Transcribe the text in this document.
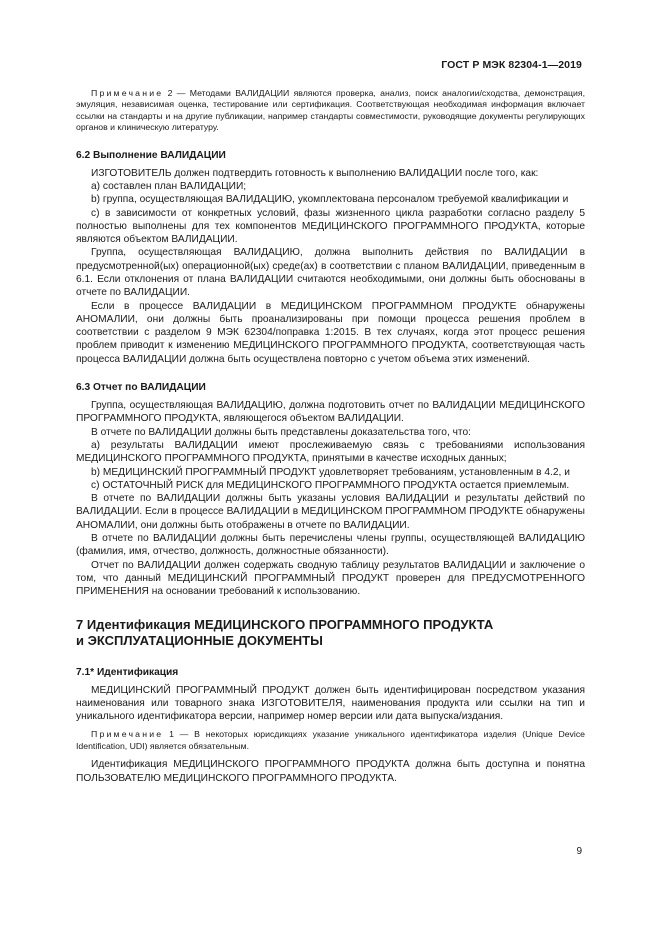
ГОСТ Р МЭК 82304-1—2019

Примечание 2 — Методами ВАЛИДАЦИИ являются проверка, анализ, поиск аналогии/сходства, демонстрация, эмуляция, независимая оценка, тестирование или сертификация. Соответствующая необходимая информация включает ссылки на стандарты и на другие публикации, например стандарты совместимости, руководящие документы регулирующих органов и клиническую литературу.

6.2 Выполнение ВАЛИДАЦИИ

ИЗГОТОВИТЕЛЬ должен подтвердить готовность к выполнению ВАЛИДАЦИИ после того, как:

a) составлен план ВАЛИДАЦИИ;

b) группа, осуществляющая ВАЛИДАЦИЮ, укомплектована персоналом требуемой квалификации и

c) в зависимости от конкретных условий, фазы жизненного цикла разработки согласно разделу 5 полностью выполнены для тех компонентов МЕДИЦИНСКОГО ПРОГРАММНОГО ПРОДУКТА, которые являются объектом ВАЛИДАЦИИ.

Группа, осуществляющая ВАЛИДАЦИЮ, должна выполнить действия по ВАЛИДАЦИИ в предусмотренной(ых) операционной(ых) среде(ах) в соответствии с планом ВАЛИДАЦИИ, приведенным в 6.1. Если отклонения от плана ВАЛИДАЦИИ считаются необходимыми, они должны быть обоснованы в отчете по ВАЛИДАЦИИ.

Если в процессе ВАЛИДАЦИИ в МЕДИЦИНСКОМ ПРОГРАММНОМ ПРОДУКТЕ обнаружены АНОМАЛИИ, они должны быть проанализированы при помощи процесса решения проблем в соответствии с разделом 9 МЭК 62304/поправка 1:2015. В тех случаях, когда этот процесс решения проблем приводит к изменению МЕДИЦИНСКОГО ПРОГРАММНОГО ПРОДУКТА, соответствующая часть процесса ВАЛИДАЦИИ должна быть осуществлена повторно с учетом объема этих изменений.

6.3 Отчет по ВАЛИДАЦИИ

Группа, осуществляющая ВАЛИДАЦИЮ, должна подготовить отчет по ВАЛИДАЦИИ МЕДИЦИНСКОГО ПРОГРАММНОГО ПРОДУКТА, являющегося объектом ВАЛИДАЦИИ.

В отчете по ВАЛИДАЦИИ должны быть представлены доказательства того, что:

a) результаты ВАЛИДАЦИИ имеют прослеживаемую связь с требованиями использования МЕДИЦИНСКОГО ПРОГРАММНОГО ПРОДУКТА, принятыми в качестве исходных данных;

b) МЕДИЦИНСКИЙ ПРОГРАММНЫЙ ПРОДУКТ удовлетворяет требованиям, установленным в 4.2, и

c) ОСТАТОЧНЫЙ РИСК для МЕДИЦИНСКОГО ПРОГРАММНОГО ПРОДУКТА остается приемлемым.

В отчете по ВАЛИДАЦИИ должны быть указаны условия ВАЛИДАЦИИ и результаты действий по ВАЛИДАЦИИ. Если в процессе ВАЛИДАЦИИ в МЕДИЦИНСКОМ ПРОГРАММНОМ ПРОДУКТЕ обнаружены АНОМАЛИИ, они должны быть отображены в отчете по ВАЛИДАЦИИ.

В отчете по ВАЛИДАЦИИ должны быть перечислены члены группы, осуществляющей ВАЛИДАЦИЮ (фамилия, имя, отчество, должность, должностные обязанности).

Отчет по ВАЛИДАЦИИ должен содержать сводную таблицу результатов ВАЛИДАЦИИ и заключение о том, что данный МЕДИЦИНСКИЙ ПРОГРАММНЫЙ ПРОДУКТ проверен для ПРЕДУСМОТРЕННОГО ПРИМЕНЕНИЯ на основании требований к использованию.

7 Идентификация МЕДИЦИНСКОГО ПРОГРАММНОГО ПРОДУКТА
и ЭКСПЛУАТАЦИОННЫЕ ДОКУМЕНТЫ
7.1* Идентификация

МЕДИЦИНСКИЙ ПРОГРАММНЫЙ ПРОДУКТ должен быть идентифицирован посредством указания наименования или товарного знака ИЗГОТОВИТЕЛЯ, наименования продукта или ссылки на тип и уникального идентификатора версии, например номер версии или дата выпуска/издания.

Примечание 1 — В некоторых юрисдикциях указание уникального идентификатора изделия (Unique Device Identification, UDI) является обязательным.

Идентификация МЕДИЦИНСКОГО ПРОГРАММНОГО ПРОДУКТА должна быть доступна и понятна ПОЛЬЗОВАТЕЛЮ МЕДИЦИНСКОГО ПРОГРАММНОГО ПРОДУКТА.

9
